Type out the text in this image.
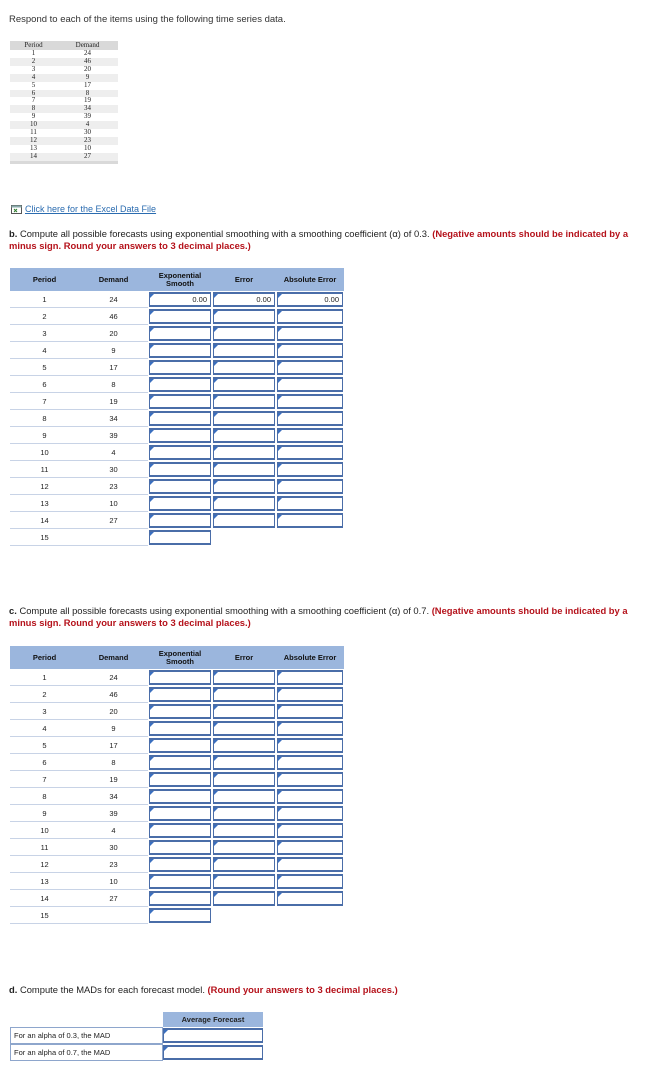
Respond to each of the items using the following time series data.
Period	Demand
1	24
2	46
3	20
4	9
5	17
6	8
7	19
8	34
9	39
10	4
11	30
12	23
13	10
14	27

Click here for the Excel Data File
b. Compute all possible forecasts using exponential smoothing with a smoothing coefficient (α) of 0.3. (Negative amounts should be indicated by a minus sign. Round your answers to 3 decimal places.)
Period	Demand	Exponential Smooth	Error	Absolute Error
1	24	0.00	0.00	0.00

2	46	

3	20	

4	9	

5	17	

6	8	

7	19	

8	34	

9	39	

10	4	

11	30	

12	23	

13	10	

14	27	

15				
c. Compute all possible forecasts using exponential smoothing with a smoothing coefficient (α) of 0.7. (Negative amounts should be indicated by a minus sign. Round your answers to 3 decimal places.)
Period	Demand	Exponential Smooth	Error	Absolute Error
1	24	

2	46	

3	20	

4	9	

5	17	

6	8	

7	19	

8	34	

9	39	

10	4	

11	30	

12	23	

13	10	

14	27	

15				
d. Compute the MADs for each forecast model. (Round your answers to 3 decimal places.)
	Average Forecast
For an alpha of 0.3, the MAD	

For an alpha of 0.7, the MAD	
